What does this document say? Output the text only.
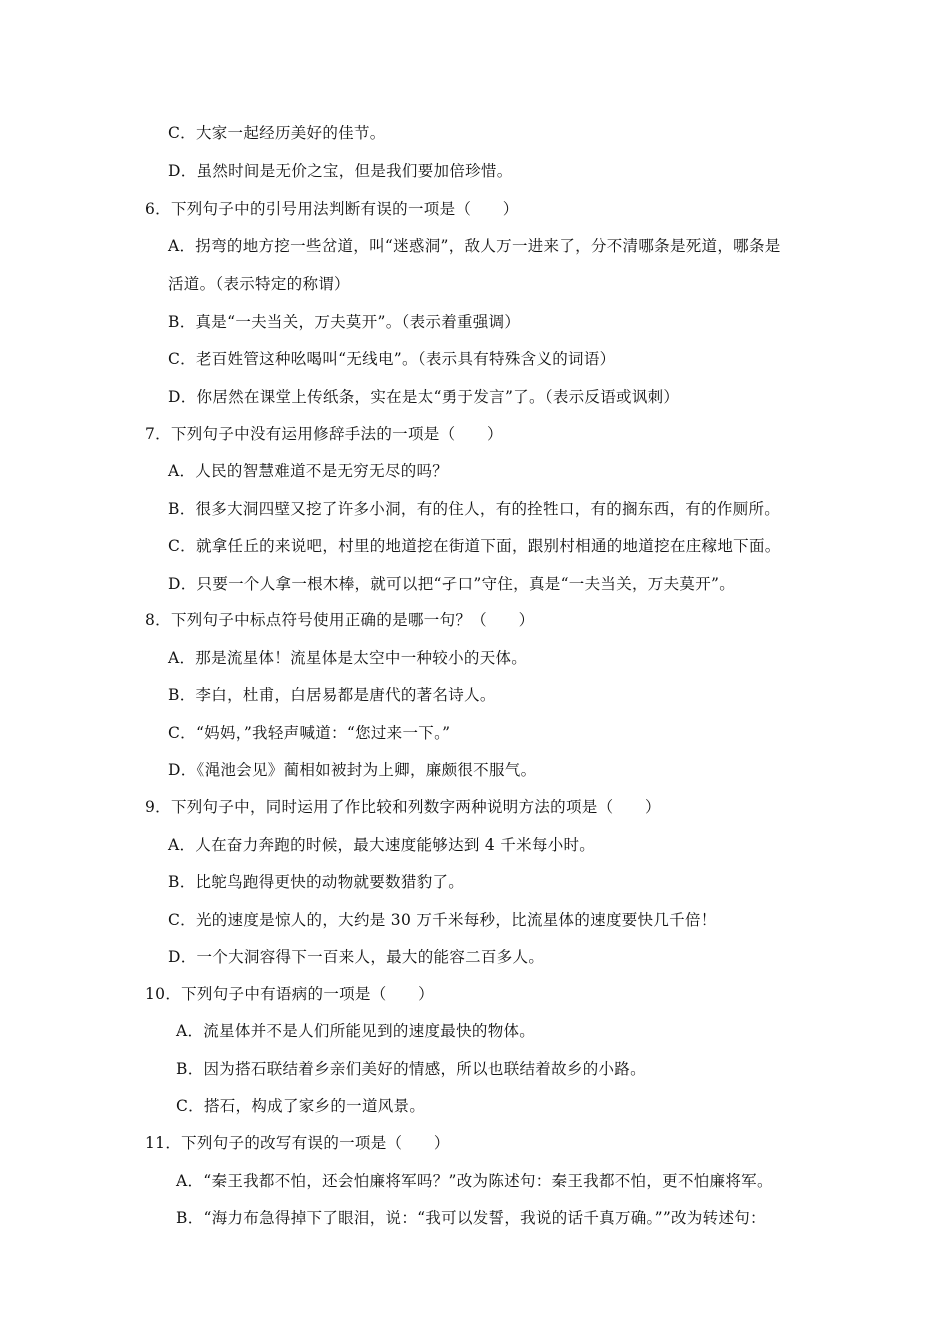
C．大家一起经历美好的佳节。
D．虽然时间是无价之宝，但是我们要加倍珍惜。
6．下列句子中的引号用法判断有误的一项是（　　）
A．拐弯的地方挖一些岔道，叫“迷惑洞”，敌人万一进来了，分不清哪条是死道，哪条是
活道。（表示特定的称谓）
B．真是“一夫当关，万夫莫开”。（表示着重强调）
C．老百姓管这种吆喝叫“无线电”。（表示具有特殊含义的词语）
D．你居然在课堂上传纸条，实在是太“勇于发言”了。（表示反语或讽刺）
7．下列句子中没有运用修辞手法的一项是（　　）
A．人民的智慧难道不是无穷无尽的吗？
B．很多大洞四壁又挖了许多小洞，有的住人，有的拴牲口，有的搁东西，有的作厕所。
C．就拿任丘的来说吧，村里的地道挖在街道下面，跟别村相通的地道挖在庄稼地下面。
D．只要一个人拿一根木棒，就可以把“孑口”守住，真是“一夫当关，万夫莫开”。
8．下列句子中标点符号使用正确的是哪一句？（　　）
A．那是流星体！流星体是太空中一种较小的天体。
B．李白，杜甫，白居易都是唐代的著名诗人。
C．“妈妈，”我轻声喊道：“您过来一下。”
D．《渑池会见》蔺相如被封为上卿，廉颇很不服气。
9．下列句子中，同时运用了作比较和列数字两种说明方法的项是（　　）
A．人在奋力奔跑的时候，最大速度能够达到 4 千米每小时。
B．比鸵鸟跑得更快的动物就要数猎豹了。
C．光的速度是惊人的，大约是 30 万千米每秒，比流星体的速度要快几千倍！
D．一个大洞容得下一百来人，最大的能容二百多人。
10．下列句子中有语病的一项是（　　）
A．流星体并不是人们所能见到的速度最快的物体。
B．因为搭石联结着乡亲们美好的情感，所以也联结着故乡的小路。
C．搭石，构成了家乡的一道风景。
11．下列句子的改写有误的一项是（　　）
A．“秦王我都不怕，还会怕廉将军吗？”改为陈述句：秦王我都不怕，更不怕廉将军。
B．“海力布急得掉下了眼泪，说：“我可以发誓，我说的话千真万确。””改为转述句：
